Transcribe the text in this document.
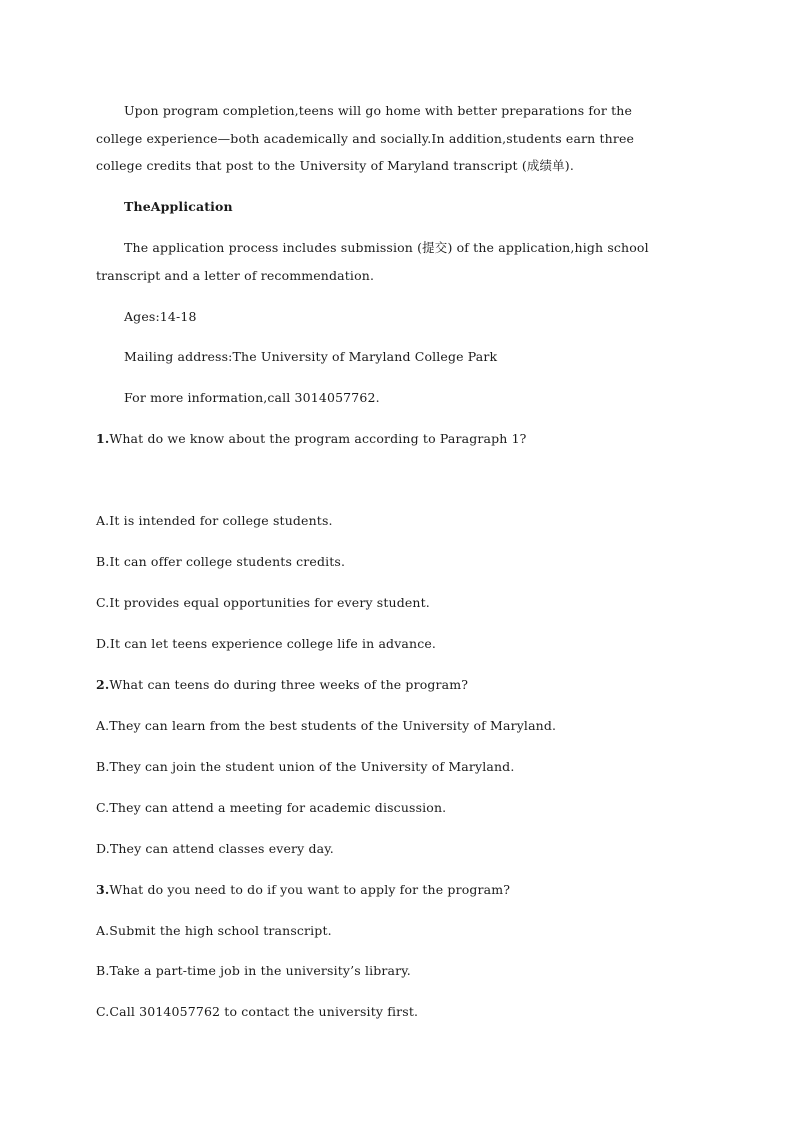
Upon program completion,teens will go home with better preparations for the
college experience—both academically and socially.In addition,students earn three
college credits that post to the University of Maryland transcript (成绩单).
TheApplication
The application process includes submission (提交) of the application,high school
transcript and a letter of recommendation.
Ages:14-18
Mailing address:The University of Maryland College Park
For more information,call 3014057762.
1.What do we know about the program according to Paragraph 1?
A.It is intended for college students.
B.It can offer college students credits.
C.It provides equal opportunities for every student.
D.It can let teens experience college life in advance.
2.What can teens do during three weeks of the program?
A.They can learn from the best students of the University of Maryland.
B.They can join the student union of the University of Maryland.
C.They can attend a meeting for academic discussion.
D.They can attend classes every day.
3.What do you need to do if you want to apply for the program?
A.Submit the high school transcript.
B.Take a part-time job in the university’s library.
C.Call 3014057762 to contact the university first.
